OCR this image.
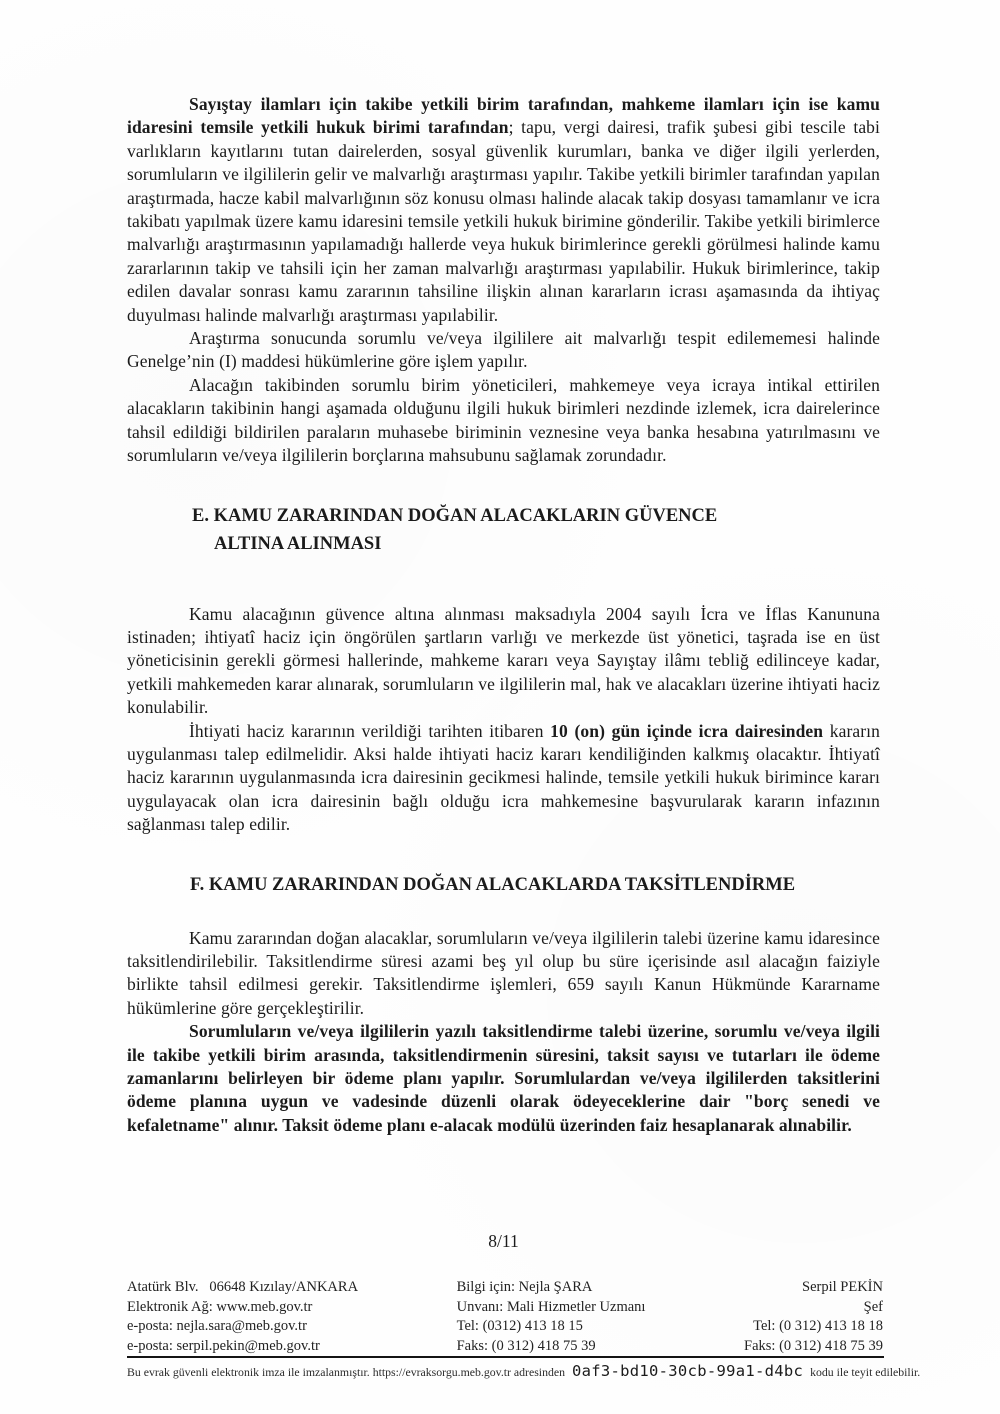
Sayıştay ilamları için takibe yetkili birim tarafından, mahkeme ilamları için ise kamu idaresini temsile yetkili hukuk birimi tarafından; tapu, vergi dairesi, trafik şubesi gibi tescile tabi varlıkların kayıtlarını tutan dairelerden, sosyal güvenlik kurumları, banka ve diğer ilgili yerlerden, sorumluların ve ilgililerin gelir ve malvarlığı araştırması yapılır. Takibe yetkili birimler tarafından yapılan araştırmada, hacze kabil malvarlığının söz konusu olması halinde alacak takip dosyası tamamlanır ve icra takibatı yapılmak üzere kamu idaresini temsile yetkili hukuk birimine gönderilir. Takibe yetkili birimlerce malvarlığı araştırmasının yapılamadığı hallerde veya hukuk birimlerince gerekli görülmesi halinde kamu zararlarının takip ve tahsili için her zaman malvarlığı araştırması yapılabilir. Hukuk birimlerince, takip edilen davalar sonrası kamu zararının tahsiline ilişkin alınan kararların icrası aşamasında da ihtiyaç duyulması halinde malvarlığı araştırması yapılabilir.

Araştırma sonucunda sorumlu ve/veya ilgililere ait malvarlığı tespit edilememesi halinde Genelge’nin (I) maddesi hükümlerine göre işlem yapılır.

Alacağın takibinden sorumlu birim yöneticileri, mahkemeye veya icraya intikal ettirilen alacakların takibinin hangi aşamada olduğunu ilgili hukuk birimleri nezdinde izlemek, icra dairelerince tahsil edildiği bildirilen paraların muhasebe biriminin veznesine veya banka hesabına yatırılmasını ve sorumluların ve/veya ilgililerin borçlarına mahsubunu sağlamak zorundadır.

E. KAMU ZARARINDAN DOĞAN ALACAKLARIN GÜVENCE
ALTINA ALINMASI

Kamu alacağının güvence altına alınması maksadıyla 2004 sayılı İcra ve İflas Kanununa istinaden; ihtiyatî haciz için öngörülen şartların varlığı ve merkezde üst yönetici, taşrada ise en üst yöneticisinin gerekli görmesi hallerinde, mahkeme kararı veya Sayıştay ilâmı tebliğ edilinceye kadar, yetkili mahkemeden karar alınarak, sorumluların ve ilgililerin mal, hak ve alacakları üzerine ihtiyati haciz konulabilir.

İhtiyati haciz kararının verildiği tarihten itibaren 10 (on) gün içinde icra dairesinden kararın uygulanması talep edilmelidir. Aksi halde ihtiyati haciz kararı kendiliğinden kalkmış olacaktır. İhtiyatî haciz kararının uygulanmasında icra dairesinin gecikmesi halinde, temsile yetkili hukuk birimince kararı uygulayacak olan icra dairesinin bağlı olduğu icra mahkemesine başvurularak kararın infazının sağlanması talep edilir.

F. KAMU ZARARINDAN DOĞAN ALACAKLARDA TAKSİTLENDİRME

Kamu zararından doğan alacaklar, sorumluların ve/veya ilgililerin talebi üzerine kamu idaresince taksitlendirilebilir. Taksitlendirme süresi azami beş yıl olup bu süre içerisinde asıl alacağın faiziyle birlikte tahsil edilmesi gerekir. Taksitlendirme işlemleri, 659 sayılı Kanun Hükmünde Kararname hükümlerine göre gerçekleştirilir.

Sorumluların ve/veya ilgililerin yazılı taksitlendirme talebi üzerine, sorumlu ve/veya ilgili ile takibe yetkili birim arasında, taksitlendirmenin süresini, taksit sayısı ve tutarları ile ödeme zamanlarını belirleyen bir ödeme planı yapılır. Sorumlulardan ve/veya ilgililerden taksitlerini ödeme planına uygun ve vadesinde düzenli olarak ödeyeceklerine dair "borç senedi ve kefaletname" alınır. Taksit ödeme planı e-alacak modülü üzerinden faiz hesaplanarak alınabilir.

8/11
Atatürk Blv.   06648 Kızılay/ANKARA
Elektronik Ağ: www.meb.gov.tr
e-posta: nejla.sara@meb.gov.tr
e-posta: serpil.pekin@meb.gov.tr
Bilgi için: Nejla ŞARA
Unvanı: Mali Hizmetler Uzmanı
Tel: (0312) 413 18 15
Faks: (0 312) 418 75 39
Serpil PEKİN
Şef
Tel: (0 312) 413 18 18
Faks: (0 312) 418 75 39
Bu evrak güvenli elektronik imza ile imzalanmıştır. https://evraksorgu.meb.gov.tr adresinden 0af3-bd10-30cb-99a1-d4bc kodu ile teyit edilebilir.
